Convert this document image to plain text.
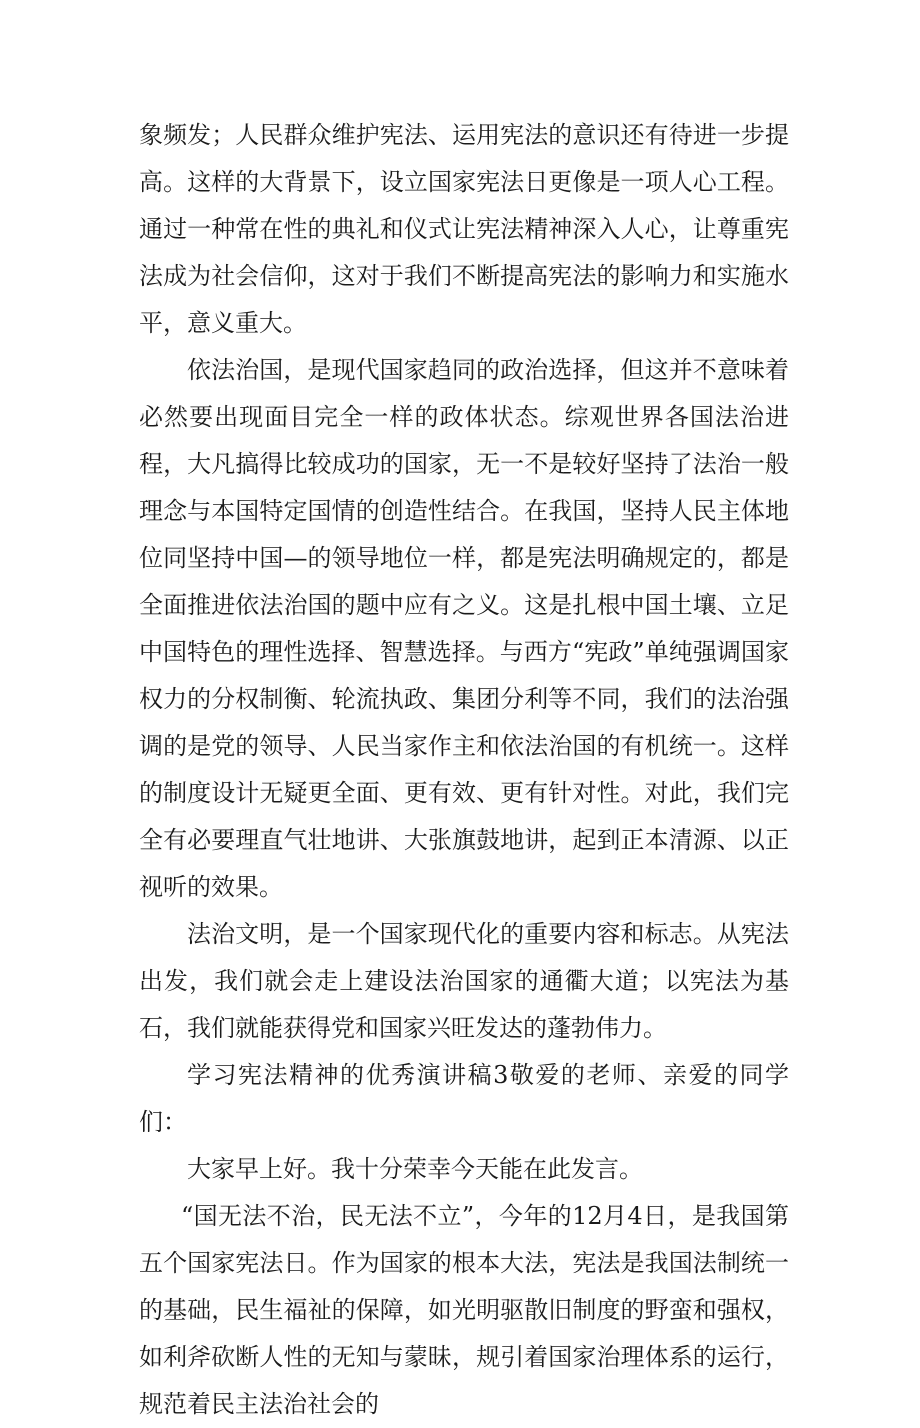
象频发；人民群众维护宪法、运用宪法的意识还有待进一步提高。这样的大背景下，设立国家宪法日更像是一项人心工程。通过一种常在性的典礼和仪式让宪法精神深入人心，让尊重宪法成为社会信仰，这对于我们不断提高宪法的影响力和实施水平，意义重大。

依法治国，是现代国家趋同的政治选择，但这并不意味着必然要出现面目完全一样的政体状态。综观世界各国法治进程，大凡搞得比较成功的国家，无一不是较好坚持了法治一般理念与本国特定国情的创造性结合。在我国，坚持人民主体地位同坚持中国—的领导地位一样，都是宪法明确规定的，都是全面推进依法治国的题中应有之义。这是扎根中国土壤、立足中国特色的理性选择、智慧选择。与西方“宪政”单纯强调国家权力的分权制衡、轮流执政、集团分利等不同，我们的法治强调的是党的领导、人民当家作主和依法治国的有机统一。这样的制度设计无疑更全面、更有效、更有针对性。对此，我们完全有必要理直气壮地讲、大张旗鼓地讲，起到正本清源、以正视听的效果。

法治文明，是一个国家现代化的重要内容和标志。从宪法出发，我们就会走上建设法治国家的通衢大道；以宪法为基石，我们就能获得党和国家兴旺发达的蓬勃伟力。

学习宪法精神的优秀演讲稿3敬爱的老师、亲爱的同学们：

大家早上好。我十分荣幸今天能在此发言。

“国无法不治，民无法不立”，今年的12月4日，是我国第五个国家宪法日。作为国家的根本大法，宪法是我国法制统一的基础，民生福祉的保障，如光明驱散旧制度的野蛮和强权，如利斧砍断人性的无知与蒙昧，规引着国家治理体系的运行，规范着民主法治社会的
